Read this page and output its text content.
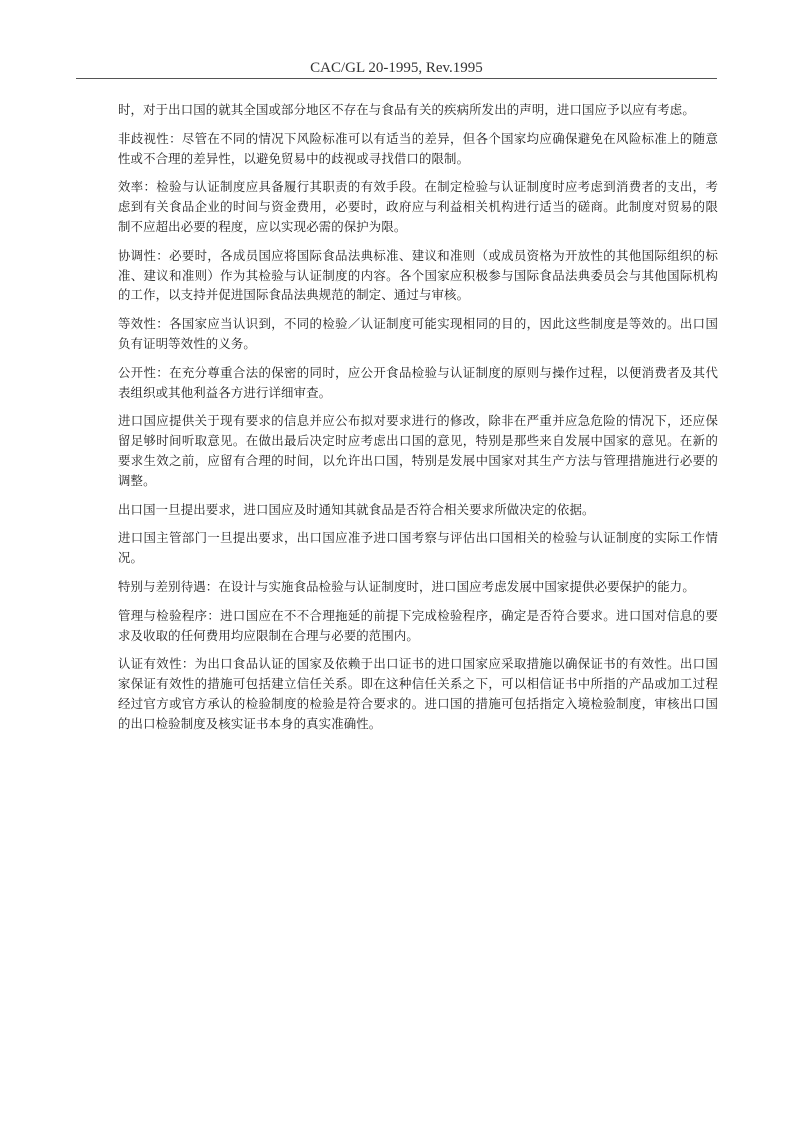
CAC/GL 20-1995, Rev.1995

时，对于出口国的就其全国或部分地区不存在与食品有关的疾病所发出的声明，进口国应予以应有考虑。

非歧视性：尽管在不同的情况下风险标准可以有适当的差异，但各个国家均应确保避免在风险标准上的随意性或不合理的差异性，以避免贸易中的歧视或寻找借口的限制。

效率：检验与认证制度应具备履行其职责的有效手段。在制定检验与认证制度时应考虑到消费者的支出，考虑到有关食品企业的时间与资金费用，必要时，政府应与利益相关机构进行适当的磋商。此制度对贸易的限制不应超出必要的程度，应以实现必需的保护为限。

协调性：必要时，各成员国应将国际食品法典标准、建议和准则（或成员资格为开放性的其他国际组织的标准、建议和准则）作为其检验与认证制度的内容。各个国家应积极参与国际食品法典委员会与其他国际机构的工作，以支持并促进国际食品法典规范的制定、通过与审核。

等效性：各国家应当认识到，不同的检验／认证制度可能实现相同的目的，因此这些制度是等效的。出口国负有证明等效性的义务。

公开性：在充分尊重合法的保密的同时，应公开食品检验与认证制度的原则与操作过程，以便消费者及其代表组织或其他利益各方进行详细审查。

进口国应提供关于现有要求的信息并应公布拟对要求进行的修改，除非在严重并应急危险的情况下，还应保留足够时间听取意见。在做出最后决定时应考虑出口国的意见，特别是那些来自发展中国家的意见。在新的要求生效之前，应留有合理的时间，以允许出口国，特别是发展中国家对其生产方法与管理措施进行必要的调整。

出口国一旦提出要求，进口国应及时通知其就食品是否符合相关要求所做决定的依据。

进口国主管部门一旦提出要求，出口国应准予进口国考察与评估出口国相关的检验与认证制度的实际工作情况。

特别与差别待遇：在设计与实施食品检验与认证制度时，进口国应考虑发展中国家提供必要保护的能力。

管理与检验程序：进口国应在不不合理拖延的前提下完成检验程序，确定是否符合要求。进口国对信息的要求及收取的任何费用均应限制在合理与必要的范围内。

认证有效性：为出口食品认证的国家及依赖于出口证书的进口国家应采取措施以确保证书的有效性。出口国家保证有效性的措施可包括建立信任关系。即在这种信任关系之下，可以相信证书中所指的产品或加工过程经过官方或官方承认的检验制度的检验是符合要求的。进口国的措施可包括指定入境检验制度，审核出口国的出口检验制度及核实证书本身的真实准确性。
